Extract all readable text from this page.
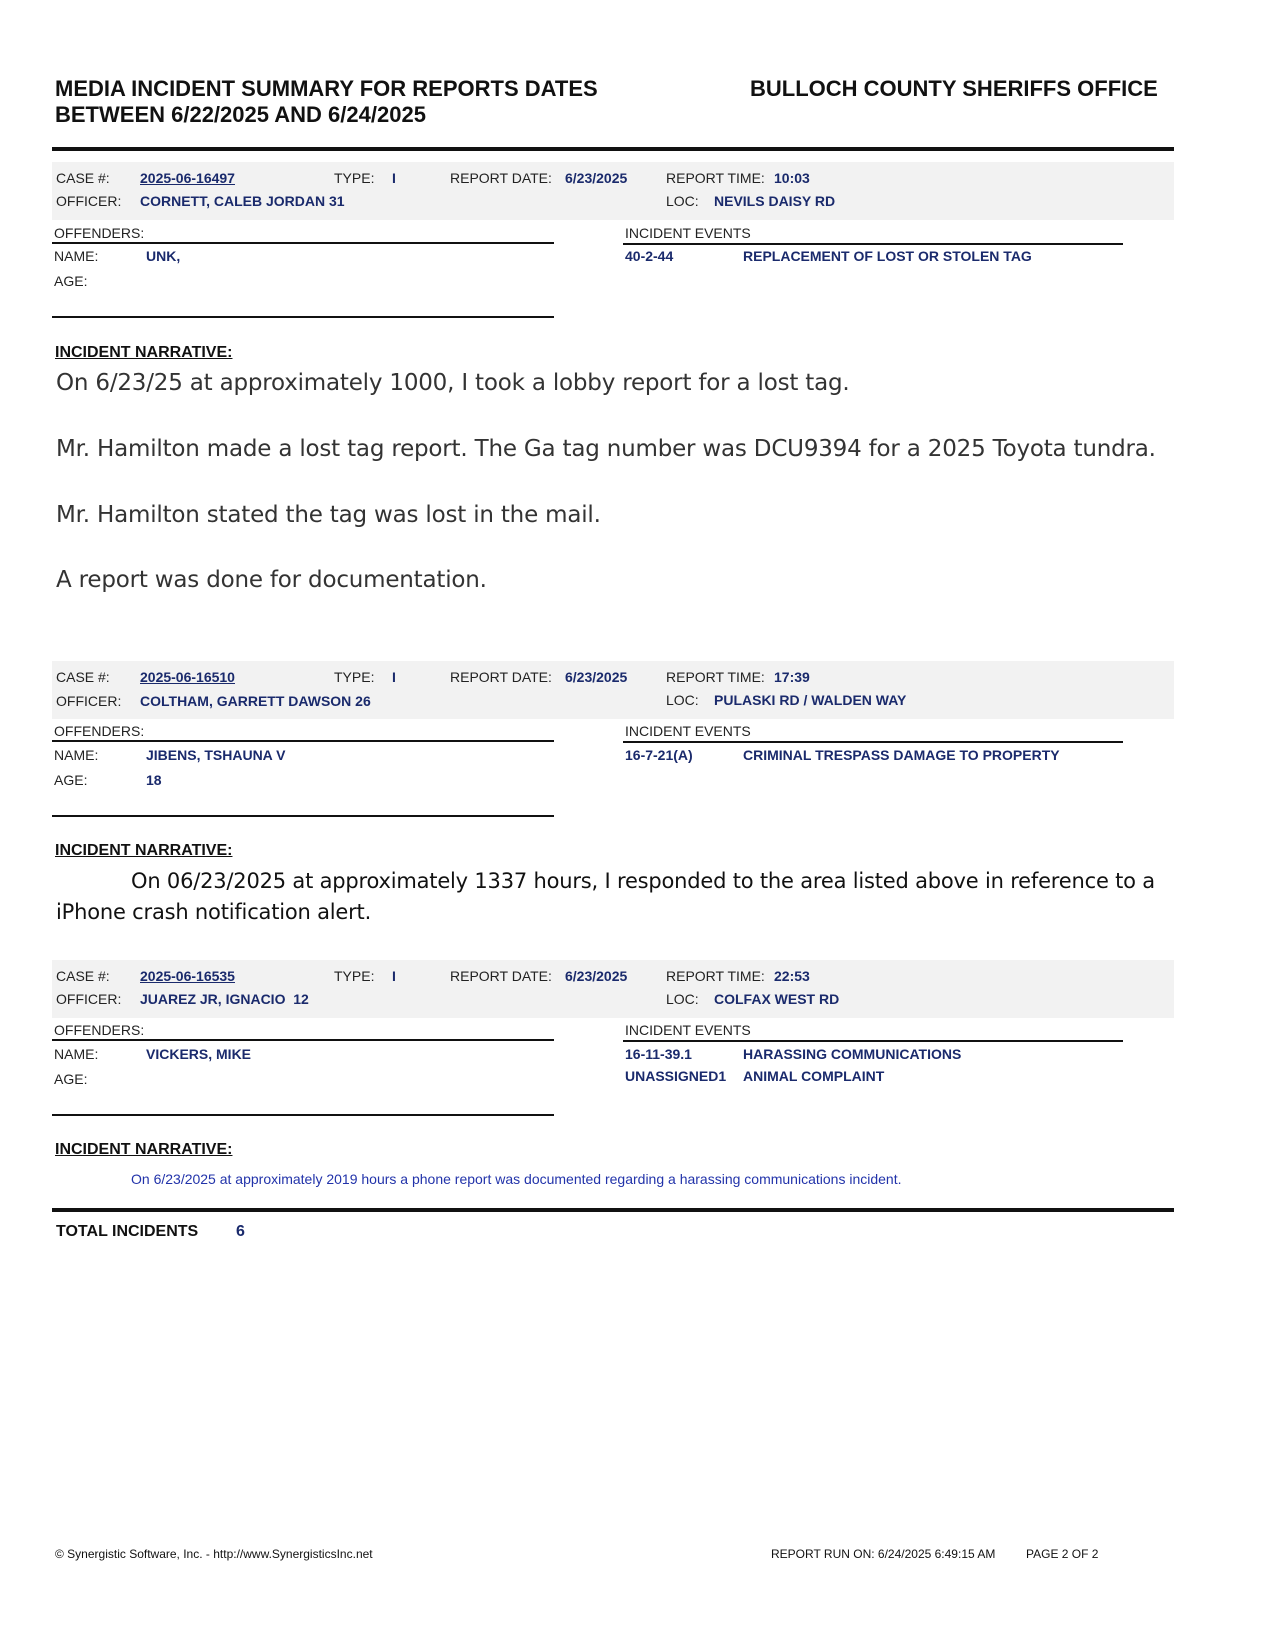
MEDIA INCIDENT SUMMARY FOR REPORTS DATES
BETWEEN 6/22/2025 AND 6/24/2025
BULLOCH COUNTY SHERIFFS OFFICE
CASE #: 2025-06-16497	TYPE: I	REPORT DATE: 6/23/2025	REPORT TIME: 10:03
OFFICER: CORNETT, CALEB JORDAN 31	LOC: NEVILS DAISY RD
OFFENDERS:	INCIDENT EVENTS
NAME:	UNK,
AGE:
40-2-44	REPLACEMENT OF LOST OR STOLEN TAG
INCIDENT NARRATIVE:

On 6/23/25 at approximately 1000, I took a lobby report for a lost tag.

Mr. Hamilton made a lost tag report. The Ga tag number was DCU9394 for a 2025 Toyota tundra.

Mr. Hamilton stated the tag was lost in the mail.

A report was done for documentation.

CASE #: 2025-06-16510	TYPE: I	REPORT DATE: 6/23/2025	REPORT TIME: 17:39
OFFICER: COLTHAM, GARRETT DAWSON 26	LOC: PULASKI RD / WALDEN WAY
OFFENDERS:	INCIDENT EVENTS
NAME:	JIBENS, TSHAUNA V
AGE:	18
16-7-21(A)	CRIMINAL TRESPASS DAMAGE TO PROPERTY
INCIDENT NARRATIVE:
On 06/23/2025 at approximately 1337 hours, I responded to the area listed above in reference to a iPhone crash notification alert.
CASE #: 2025-06-16535	TYPE: I	REPORT DATE: 6/23/2025	REPORT TIME: 22:53
OFFICER: JUAREZ JR, IGNACIO  12	LOC: COLFAX WEST RD
OFFENDERS:	INCIDENT EVENTS
NAME:	VICKERS, MIKE
AGE:
16-11-39.1	HARASSING COMMUNICATIONS
UNASSIGNED1 ANIMAL COMPLAINT
INCIDENT NARRATIVE:
On 6/23/2025 at approximately 2019 hours a phone report was documented regarding a harassing communications incident.
TOTAL INCIDENTS 6
© Synergistic Software, Inc. - http://www.SynergisticsInc.net	REPORT RUN ON: 6/24/2025 6:49:15 AM	PAGE 2 OF 2
